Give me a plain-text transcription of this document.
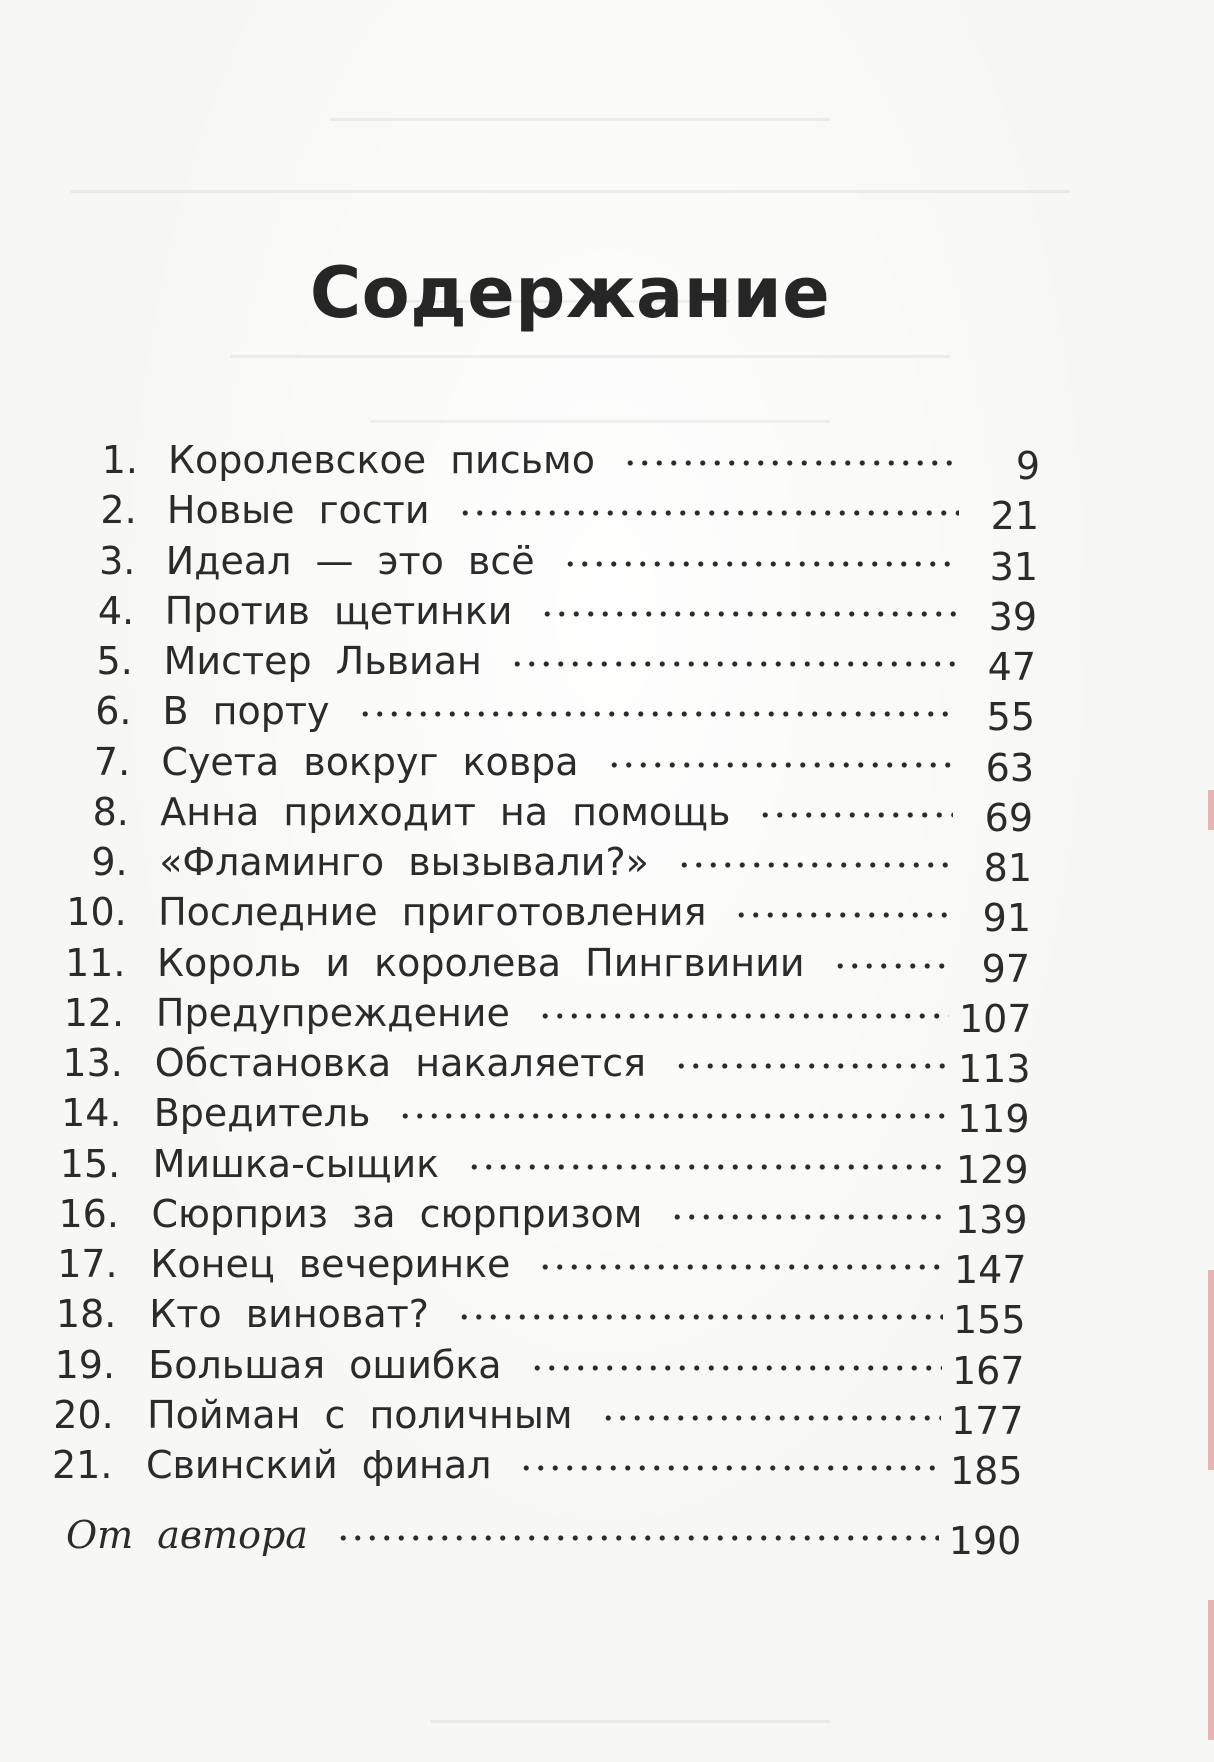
Содержание
1. Королевское письмо	9
2. Новые гости	21
3. Идеал — это всё	31
4. Против щетинки	39
5. Мистер Львиан	47
6. В порту	55
7. Суета вокруг ковра	63
8. Анна приходит на помощь	69
9. «Фламинго вызывали?»	81
10. Последние приготовления	91
11. Король и королева Пингвинии	97
12. Предупреждение	107
13. Обстановка накаляется	113
14. Вредитель	119
15. Мишка-сыщик	129
16. Сюрприз за сюрпризом	139
17. Конец вечеринке	147
18. Кто виноват?	155
19. Большая ошибка	167
20. Пойман с поличным	177
21. Свинский финал	185
От автора	190
